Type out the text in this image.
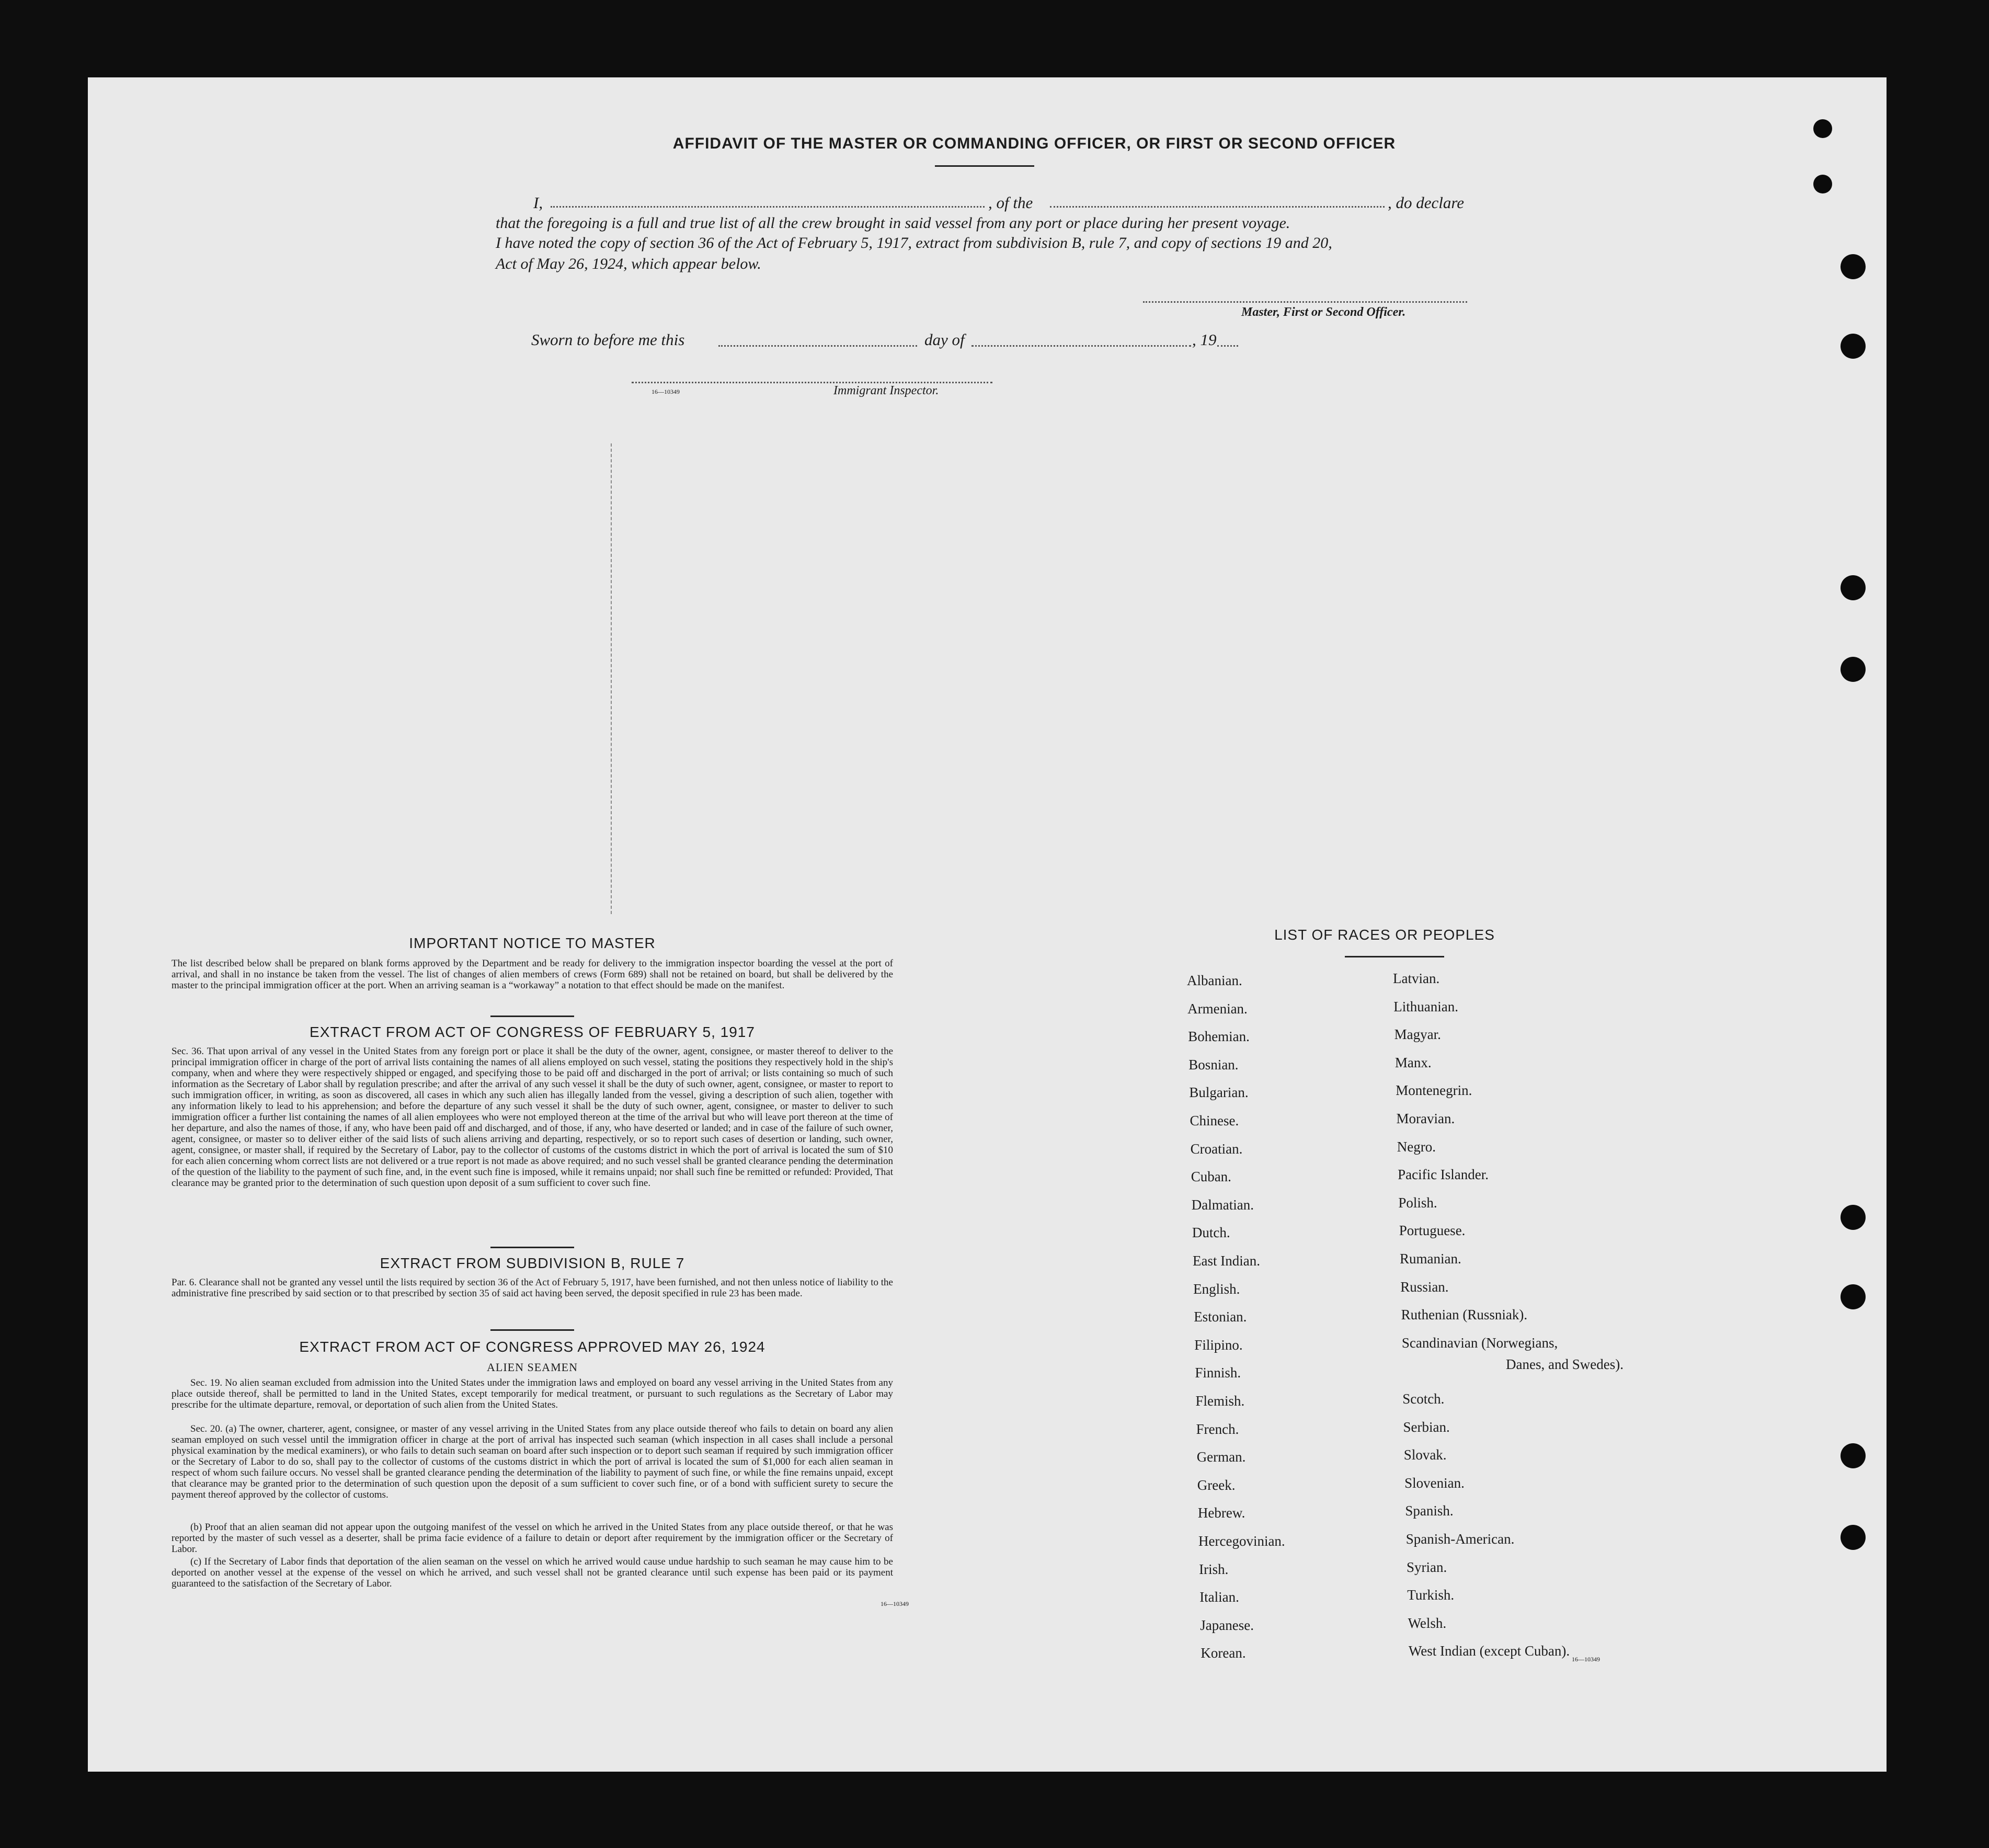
AFFIDAVIT OF THE MASTER OR COMMANDING OFFICER, OR FIRST OR SECOND OFFICER
I,	, of the	, do declare
that the foregoing is a full and true list of all the crew brought in said vessel from any port or place during her present voyage.
I have noted the copy of section 36 of the Act of February 5, 1917, extract from subdivision B, rule 7, and copy of sections 19 and 20,
Act of May 26, 1924, which appear below.
Master, First or Second Officer.
Sworn to before me this	day of	, 19
16—10349	Immigrant Inspector.
IMPORTANT NOTICE TO MASTER
The list described below shall be prepared on blank forms approved by the Department and be ready for delivery to the immigration inspector boarding the vessel at the port of arrival, and shall in no instance be taken from the vessel. The list of changes of alien members of crews (Form 689) shall not be retained on board, but shall be delivered by the master to the principal immigration officer at the port. When an arriving seaman is a “workaway” a notation to that effect should be made on the manifest.
EXTRACT FROM ACT OF CONGRESS OF FEBRUARY 5, 1917
Sec. 36. That upon arrival of any vessel in the United States from any foreign port or place it shall be the duty of the owner, agent, consignee, or master thereof to deliver to the principal immigration officer in charge of the port of arrival lists containing the names of all aliens employed on such vessel, stating the positions they respectively hold in the ship's company, when and where they were respectively shipped or engaged, and specifying those to be paid off and discharged in the port of arrival; or lists containing so much of such information as the Secretary of Labor shall by regulation prescribe; and after the arrival of any such vessel it shall be the duty of such owner, agent, consignee, or master to report to such immigration officer, in writing, as soon as discovered, all cases in which any such alien has illegally landed from the vessel, giving a description of such alien, together with any information likely to lead to his apprehension; and before the departure of any such vessel it shall be the duty of such owner, agent, consignee, or master to deliver to such immigration officer a further list containing the names of all alien employees who were not employed thereon at the time of the arrival but who will leave port thereon at the time of her departure, and also the names of those, if any, who have been paid off and discharged, and of those, if any, who have deserted or landed; and in case of the failure of such owner, agent, consignee, or master so to deliver either of the said lists of such aliens arriving and departing, respectively, or so to report such cases of desertion or landing, such owner, agent, consignee, or master shall, if required by the Secretary of Labor, pay to the collector of customs of the customs district in which the port of arrival is located the sum of $10 for each alien concerning whom correct lists are not delivered or a true report is not made as above required; and no such vessel shall be granted clearance pending the determination of the question of the liability to the payment of such fine, and, in the event such fine is imposed, while it remains unpaid; nor shall such fine be remitted or refunded: Provided, That clearance may be granted prior to the determination of such question upon deposit of a sum sufficient to cover such fine.
EXTRACT FROM SUBDIVISION B, RULE 7
Par. 6. Clearance shall not be granted any vessel until the lists required by section 36 of the Act of February 5, 1917, have been furnished, and not then unless notice of liability to the administrative fine prescribed by said section or to that prescribed by section 35 of said act having been served, the deposit specified in rule 23 has been made.
EXTRACT FROM ACT OF CONGRESS APPROVED MAY 26, 1924
ALIEN SEAMEN
Sec. 19. No alien seaman excluded from admission into the United States under the immigration laws and employed on board any vessel arriving in the United States from any place outside thereof, shall be permitted to land in the United States, except temporarily for medical treatment, or pursuant to such regulations as the Secretary of Labor may prescribe for the ultimate departure, removal, or deportation of such alien from the United States.
Sec. 20. (a) The owner, charterer, agent, consignee, or master of any vessel arriving in the United States from any place outside thereof who fails to detain on board any alien seaman employed on such vessel until the immigration officer in charge at the port of arrival has inspected such seaman (which inspection in all cases shall include a personal physical examination by the medical examiners), or who fails to detain such seaman on board after such inspection or to deport such seaman if required by such immigration officer or the Secretary of Labor to do so, shall pay to the collector of customs of the customs district in which the port of arrival is located the sum of $1,000 for each alien seaman in respect of whom such failure occurs. No vessel shall be granted clearance pending the determination of the liability to payment of such fine, or while the fine remains unpaid, except that clearance may be granted prior to the determination of such question upon the deposit of a sum sufficient to cover such fine, or of a bond with sufficient surety to secure the payment thereof approved by the collector of customs.
(b) Proof that an alien seaman did not appear upon the outgoing manifest of the vessel on which he arrived in the United States from any place outside thereof, or that he was reported by the master of such vessel as a deserter, shall be prima facie evidence of a failure to detain or deport after requirement by the immigration officer or the Secretary of Labor.
(c) If the Secretary of Labor finds that deportation of the alien seaman on the vessel on which he arrived would cause undue hardship to such seaman he may cause him to be deported on another vessel at the expense of the vessel on which he arrived, and such vessel shall not be granted clearance until such expense has been paid or its payment guaranteed to the satisfaction of the Secretary of Labor.
16—10349
LIST OF RACES OR PEOPLES
Danes, and Swedes).
16—10349
Albanian.
Armenian.
Bohemian.
Bosnian.
Bulgarian.
Chinese.
Croatian.
Cuban.
Dalmatian.
Dutch.
East Indian.
English.
Estonian.
Filipino.
Finnish.
Flemish.
French.
German.
Greek.
Hebrew.
Hercegovinian.
Irish.
Italian.
Japanese.
Korean.
Latvian.
Lithuanian.
Magyar.
Manx.
Montenegrin.
Moravian.
Negro.
Pacific Islander.
Polish.
Portuguese.
Rumanian.
Russian.
Ruthenian (Russniak).
Scandinavian (Norwegians,
Scotch.
Serbian.
Slovak.
Slovenian.
Spanish.
Spanish-American.
Syrian.
Turkish.
Welsh.
West Indian (except Cuban).
